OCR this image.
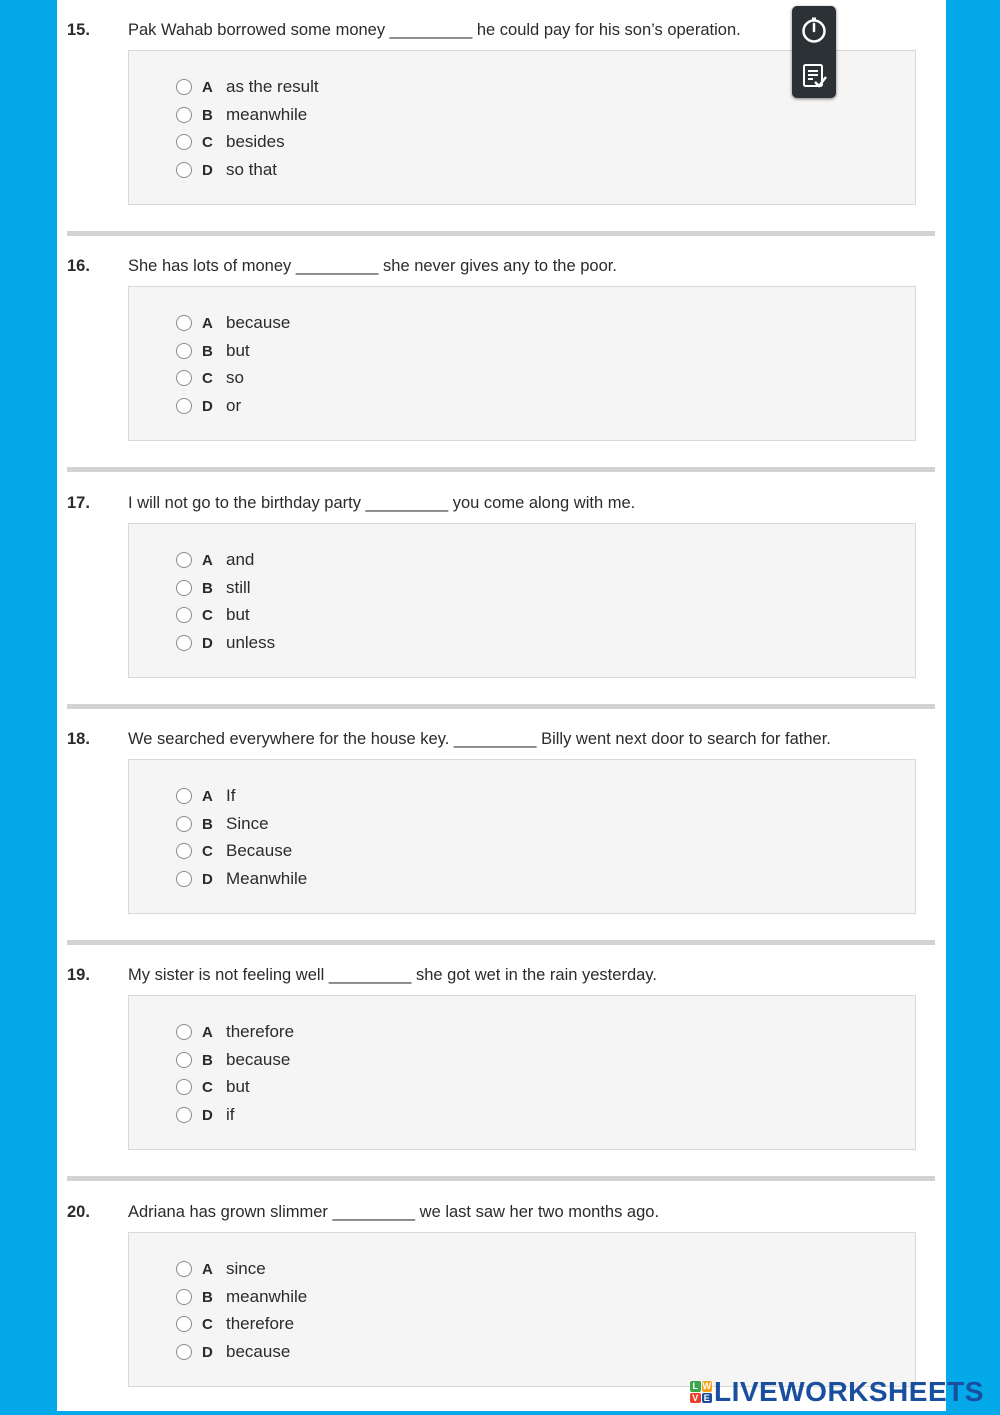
15. Pak Wahab borrowed some money _________ he could pay for his son’s operation.
A as the result
B meanwhile
C besides
D so that
16. She has lots of money _________ she never gives any to the poor.
A because
B but
C so
D or
17. I will not go to the birthday party _________ you come along with me.
A and
B still
C but
D unless
18. We searched everywhere for the house key. _________ Billy went next door to search for father.
A If
B Since
C Because
D Meanwhile
19. My sister is not feeling well _________ she got wet in the rain yesterday.
A therefore
B because
C but
D if
20. Adriana has grown slimmer _________ we last saw her two months ago.
A since
B meanwhile
C therefore
D because
L W
V E LIVEWORKSHEETS
